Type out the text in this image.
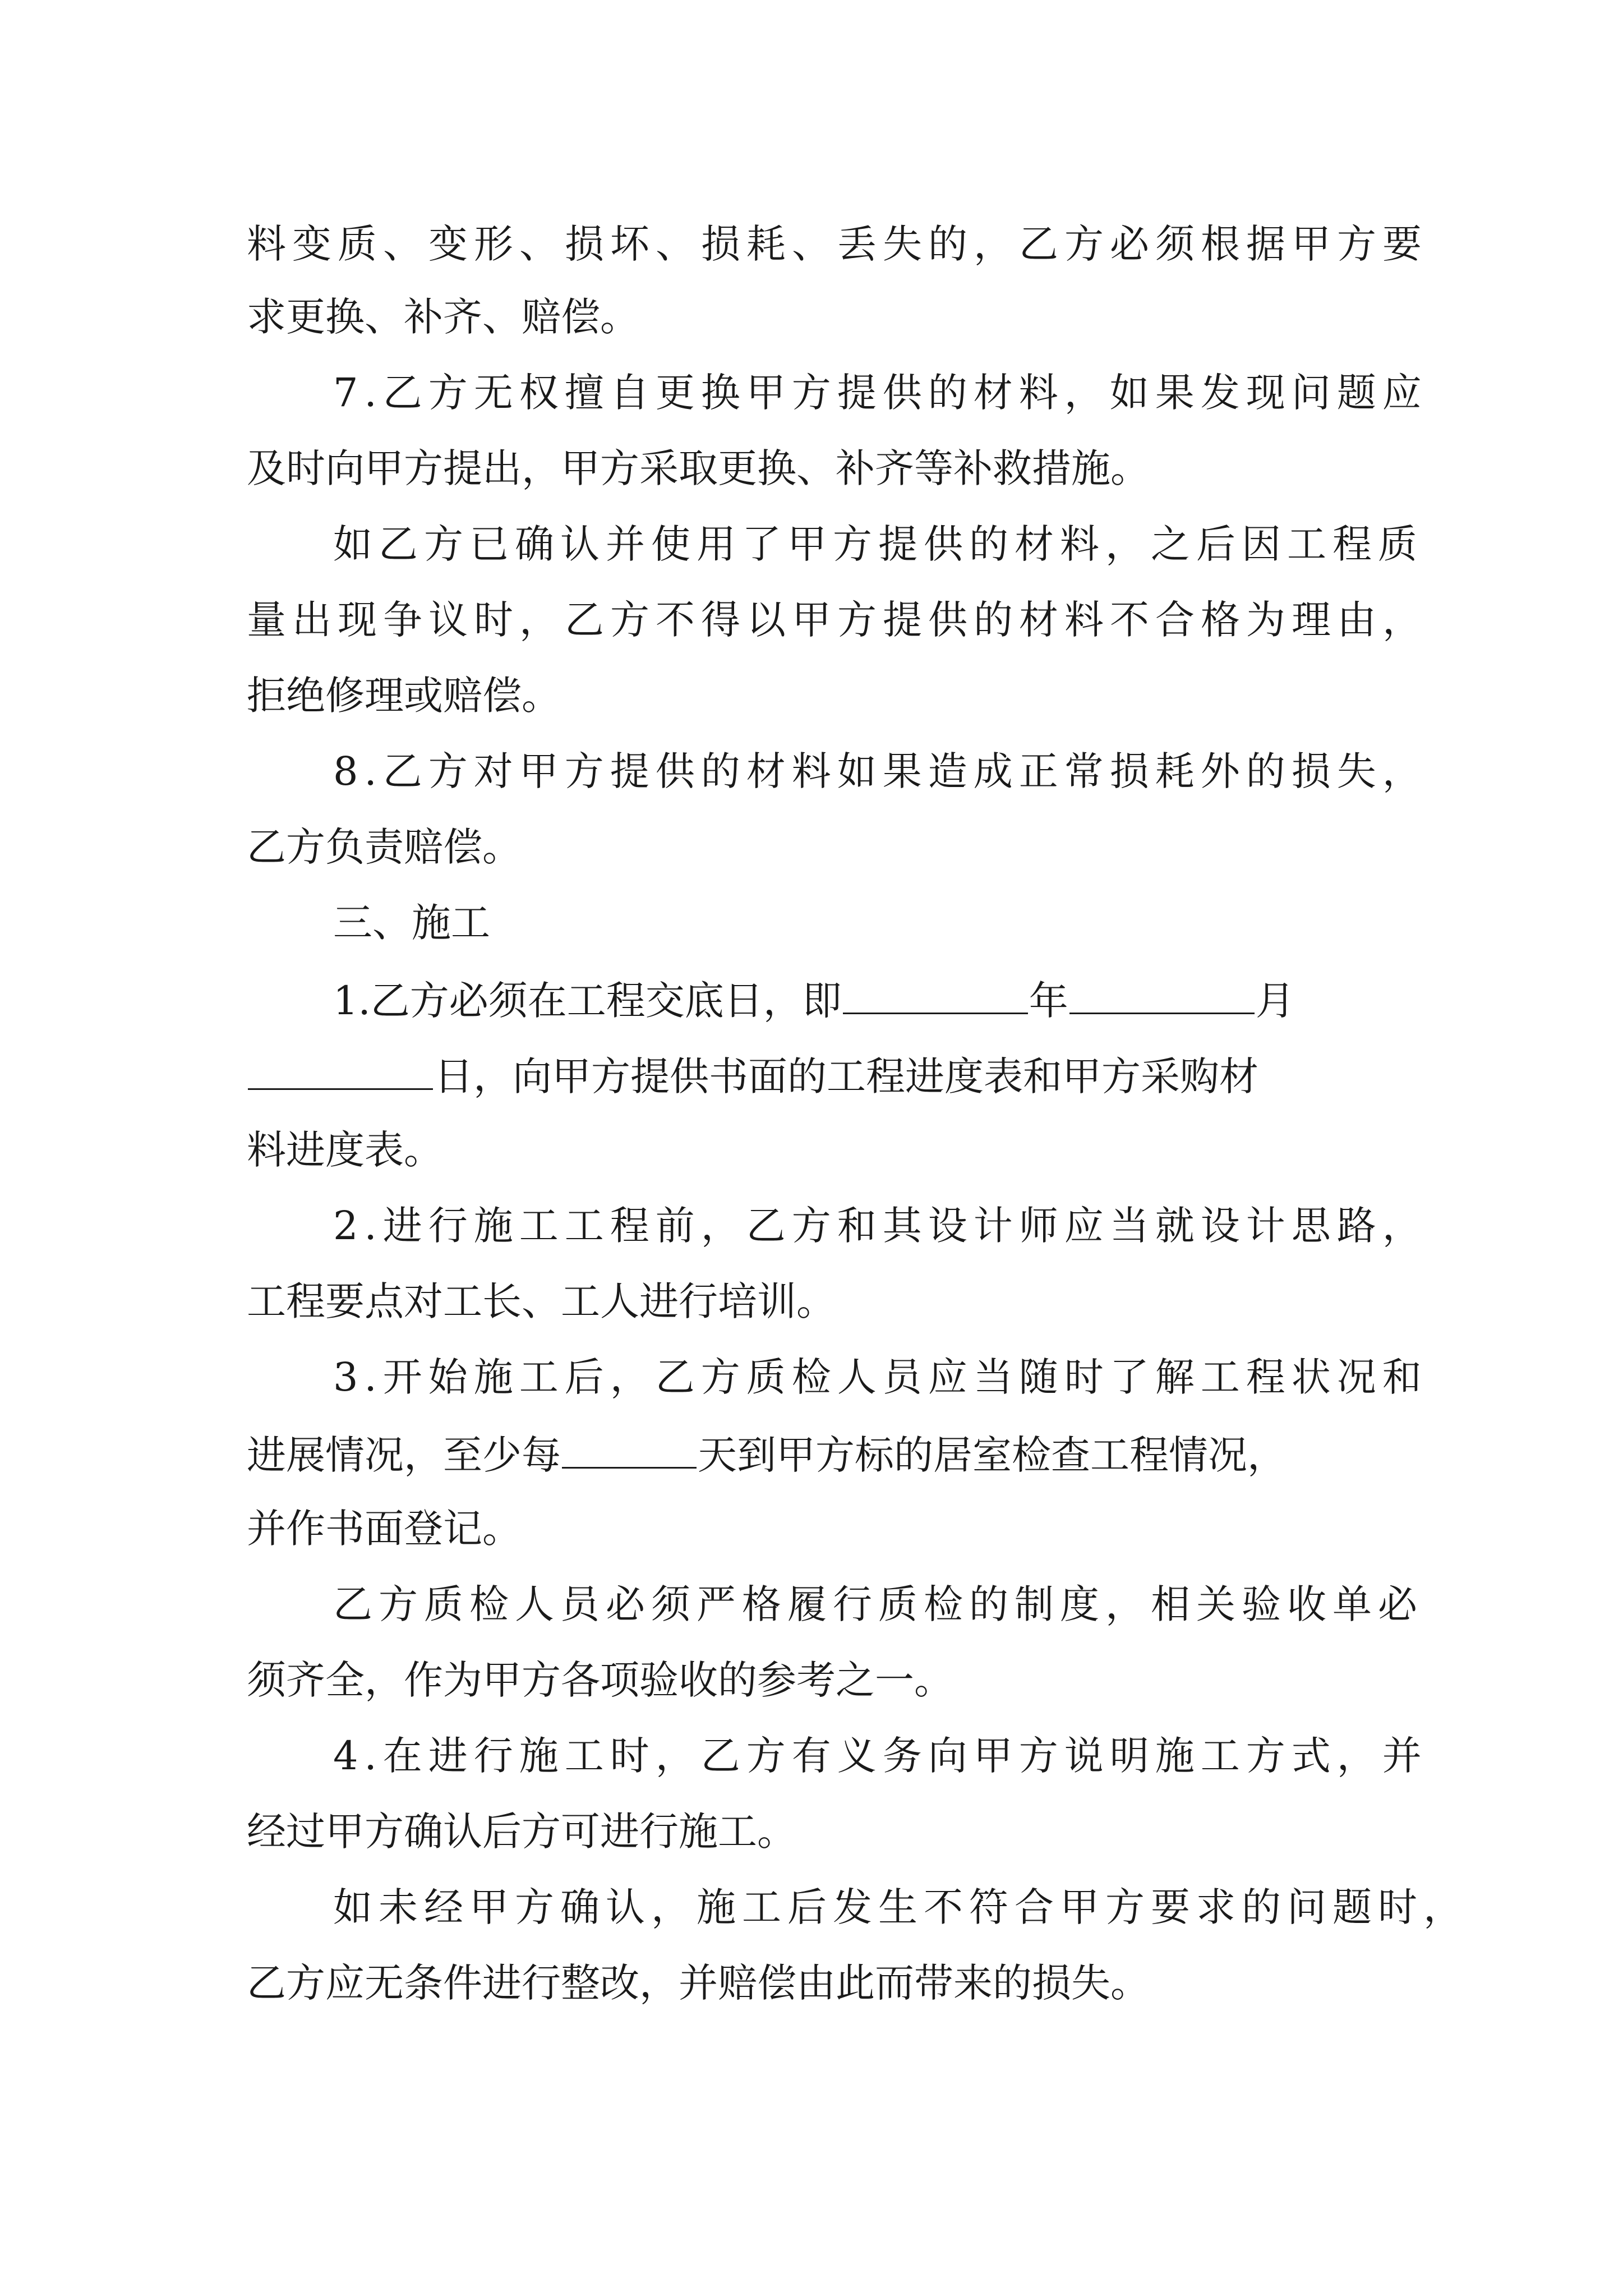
料变质、变形、损坏、损耗、丢失的，乙方必须根据甲方要
求更换、补齐、赔偿。
7.乙方无权擅自更换甲方提供的材料，如果发现问题应
及时向甲方提出，甲方采取更换、补齐等补救措施。
如乙方已确认并使用了甲方提供的材料，之后因工程质
量出现争议时，乙方不得以甲方提供的材料不合格为理由，
拒绝修理或赔偿。
8.乙方对甲方提供的材料如果造成正常损耗外的损失，
乙方负责赔偿。
三、施工
1.乙方必须在工程交底日，即	年	月
日，向甲方提供书面的工程进度表和甲方采购材
料进度表。
2.进行施工工程前，乙方和其设计师应当就设计思路，
工程要点对工长、工人进行培训。
3.开始施工后，乙方质检人员应当随时了解工程状况和
进展情况，至少每	天到甲方标的居室检查工程情况，
并作书面登记。
乙方质检人员必须严格履行质检的制度，相关验收单必
须齐全，作为甲方各项验收的参考之一。
4.在进行施工时，乙方有义务向甲方说明施工方式，并
经过甲方确认后方可进行施工。
如未经甲方确认，施工后发生不符合甲方要求的问题时，
乙方应无条件进行整改，并赔偿由此而带来的损失。
